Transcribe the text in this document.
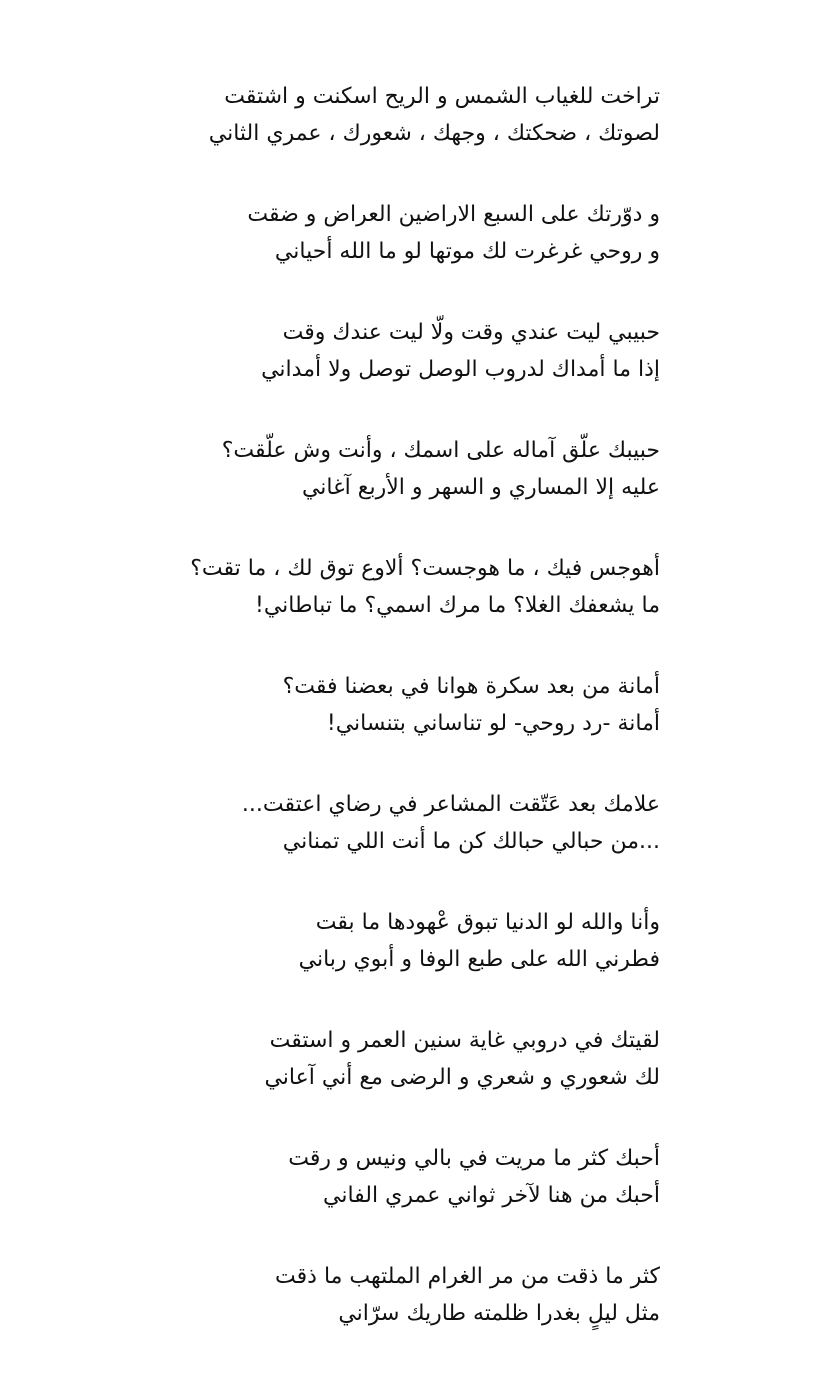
تراخت للغياب الشمس و الريح اسكنت و اشتقت
لصوتك ، ضحكتك ، وجهك ، شعورك ، عمري الثاني
و دوّرتك على السبع الاراضين العراض و ضقت
و روحي غرغرت لك موتها لو ما الله أحياني
حبيبي ليت عندي وقت ولّا ليت عندك وقت
إذا ما أمداك لدروب الوصل توصل ولا أمداني
حبيبك علّق آماله على اسمك ، وأنت وش علّقت؟
عليه إلا المساري و السهر و الأربع آغاني
أهوجس فيك ، ما هوجست؟ ألاوع توق لك ، ما تقت؟
ما يشعفك الغلا؟ ما مرك اسمي؟ ما تباطاني!
أمانة من بعد سكرة هوانا في بعضنا فقت؟
أمانة -رد روحي- لو تناساني بتنساني!
علامك بعد عَتّقت المشاعر في رضاي اعتقت...
...من حبالي حبالك كن ما أنت اللي تمناني
وأنا والله لو الدنيا تبوق عْهودها ما بقت
فطرني الله على طبع الوفا و أبوي رباني
لقيتك في دروبي غاية سنين العمر و استقت
لك شعوري و شعري و الرضى مع أني آعاني
أحبك كثر ما مريت في بالي ونيس و رقت
أحبك من هنا لآخر ثواني عمري الفاني
كثر ما ذقت من مر الغرام الملتهب ما ذقت
مثل ليلٍ بغدرا ظلمته طاريك سرّاني
